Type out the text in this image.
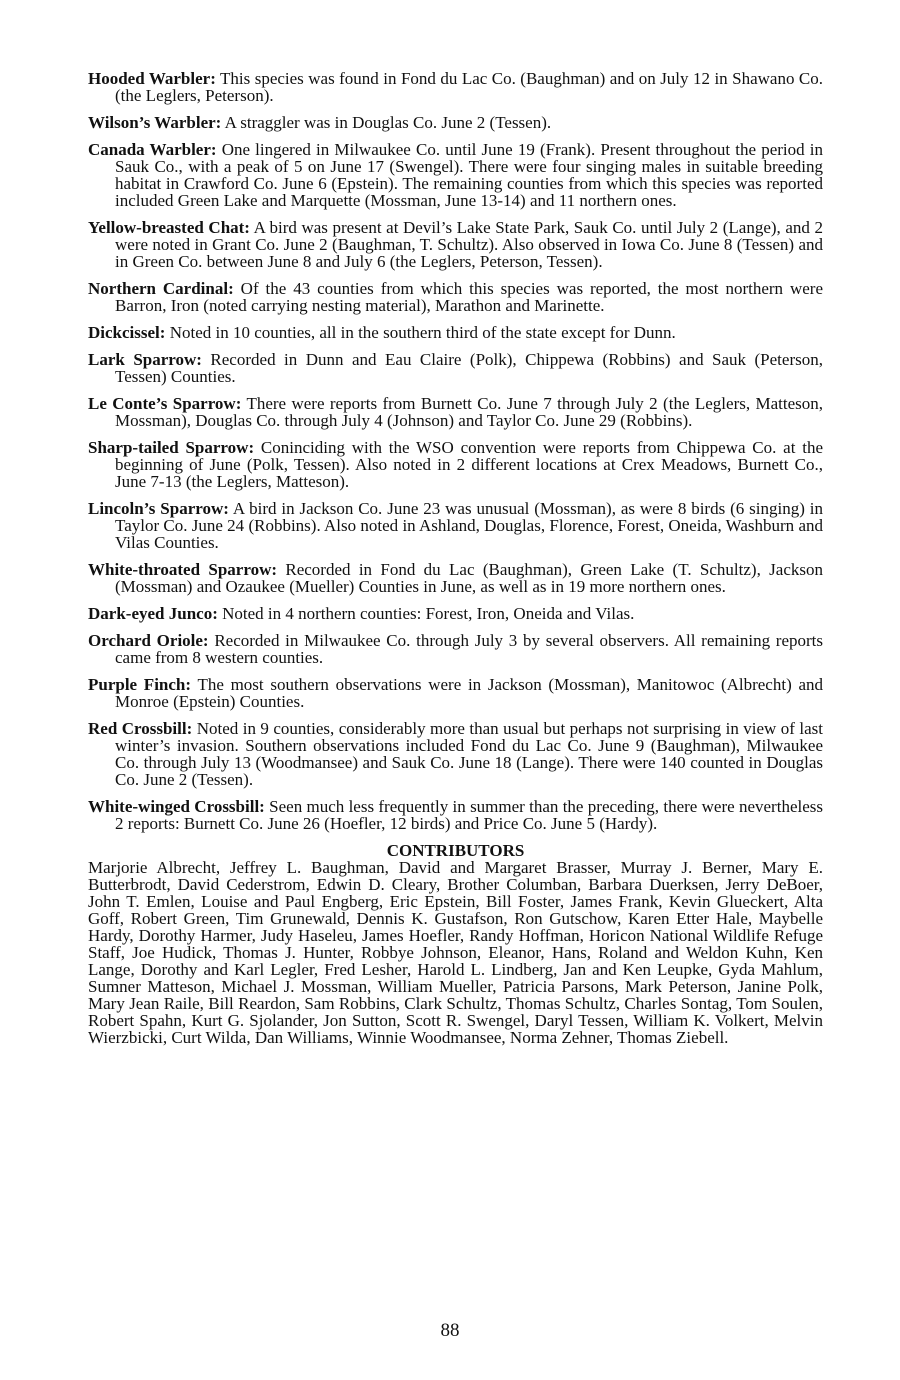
Hooded Warbler: This species was found in Fond du Lac Co. (Baughman) and on July 12 in Shawano Co. (the Leglers, Peterson).

Wilson’s Warbler: A straggler was in Douglas Co. June 2 (Tessen).

Canada Warbler: One lingered in Milwaukee Co. until June 19 (Frank). Present throughout the period in Sauk Co., with a peak of 5 on June 17 (Swengel). There were four singing males in suitable breeding habitat in Crawford Co. June 6 (Epstein). The remaining counties from which this species was reported included Green Lake and Marquette (Mossman, June 13-14) and 11 northern ones.

Yellow-breasted Chat: A bird was present at Devil’s Lake State Park, Sauk Co. until July 2 (Lange), and 2 were noted in Grant Co. June 2 (Baughman, T. Schultz). Also observed in Iowa Co. June 8 (Tessen) and in Green Co. between June 8 and July 6 (the Leglers, Peterson, Tessen).

Northern Cardinal: Of the 43 counties from which this species was reported, the most northern were Barron, Iron (noted carrying nesting material), Marathon and Marinette.

Dickcissel: Noted in 10 counties, all in the southern third of the state except for Dunn.

Lark Sparrow: Recorded in Dunn and Eau Claire (Polk), Chippewa (Robbins) and Sauk (Peterson, Tessen) Counties.

Le Conte’s Sparrow: There were reports from Burnett Co. June 7 through July 2 (the Leglers, Matteson, Mossman), Douglas Co. through July 4 (Johnson) and Taylor Co. June 29 (Robbins).

Sharp-tailed Sparrow: Coninciding with the WSO convention were reports from Chippewa Co. at the beginning of June (Polk, Tessen). Also noted in 2 different locations at Crex Meadows, Burnett Co., June 7-13 (the Leglers, Matteson).

Lincoln’s Sparrow: A bird in Jackson Co. June 23 was unusual (Mossman), as were 8 birds (6 singing) in Taylor Co. June 24 (Robbins). Also noted in Ashland, Douglas, Florence, Forest, Oneida, Washburn and Vilas Counties.

White-throated Sparrow: Recorded in Fond du Lac (Baughman), Green Lake (T. Schultz), Jackson (Mossman) and Ozaukee (Mueller) Counties in June, as well as in 19 more northern ones.

Dark-eyed Junco: Noted in 4 northern counties: Forest, Iron, Oneida and Vilas.

Orchard Oriole: Recorded in Milwaukee Co. through July 3 by several observers. All remaining reports came from 8 western counties.

Purple Finch: The most southern observations were in Jackson (Mossman), Manitowoc (Albrecht) and Monroe (Epstein) Counties.

Red Crossbill: Noted in 9 counties, considerably more than usual but perhaps not surprising in view of last winter’s invasion. Southern observations included Fond du Lac Co. June 9 (Baughman), Milwaukee Co. through July 13 (Woodmansee) and Sauk Co. June 18 (Lange). There were 140 counted in Douglas Co. June 2 (Tessen).

White-winged Crossbill: Seen much less frequently in summer than the preceding, there were nevertheless 2 reports: Burnett Co. June 26 (Hoefler, 12 birds) and Price Co. June 5 (Hardy).

CONTRIBUTORS

Marjorie Albrecht, Jeffrey L. Baughman, David and Margaret Brasser, Murray J. Berner, Mary E. Butterbrodt, David Cederstrom, Edwin D. Cleary, Brother Columban, Barbara Duerksen, Jerry DeBoer, John T. Emlen, Louise and Paul Engberg, Eric Epstein, Bill Foster, James Frank, Kevin Glueckert, Alta Goff, Robert Green, Tim Grunewald, Dennis K. Gustafson, Ron Gutschow, Karen Etter Hale, Maybelle Hardy, Dorothy Harmer, Judy Haseleu, James Hoefler, Randy Hoffman, Horicon National Wildlife Refuge Staff, Joe Hudick, Thomas J. Hunter, Robbye Johnson, Eleanor, Hans, Roland and Weldon Kuhn, Ken Lange, Dorothy and Karl Legler, Fred Lesher, Harold L. Lindberg, Jan and Ken Leupke, Gyda Mahlum, Sumner Matteson, Michael J. Mossman, William Mueller, Patricia Parsons, Mark Peterson, Janine Polk, Mary Jean Raile, Bill Reardon, Sam Robbins, Clark Schultz, Thomas Schultz, Charles Sontag, Tom Soulen, Robert Spahn, Kurt G. Sjolander, Jon Sutton, Scott R. Swengel, Daryl Tessen, William K. Volkert, Melvin Wierzbicki, Curt Wilda, Dan Williams, Winnie Woodmansee, Norma Zehner, Thomas Ziebell.

88
